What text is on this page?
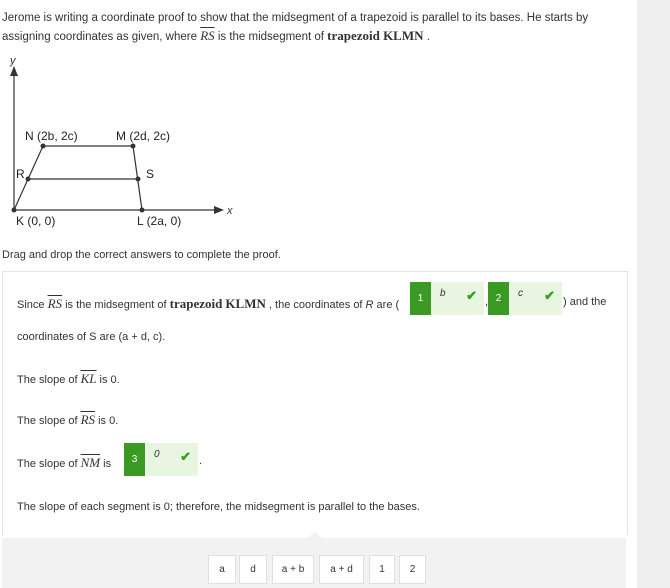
Jerome is writing a coordinate proof to show that the midsegment of a trapezoid is parallel to its bases. He starts by assigning coordinates as given, where $\overline{RS}$ is the midsegment of trapezoid KLMN .
y
x
N (2b, 2c)	M (2d, 2c)
R	S
K (0, 0)	L (2a, 0)
Drag and drop the correct answers to complete the proof.
Since $\overline{RS}$ is the midsegment of trapezoid KLMN , the coordinates of R are (
1	b ✔ , 2	c ✔ ) and the
coordinates of S are (a + d, c).
The slope of $\overline{KL}$ is 0.
The slope of $\overline{RS}$ is 0.
The slope of $\overline{NM}$ is	3	0 ✔ .
The slope of each segment is 0; therefore, the midsegment is parallel to the bases.
a	d	a + b	a + d	1	2
